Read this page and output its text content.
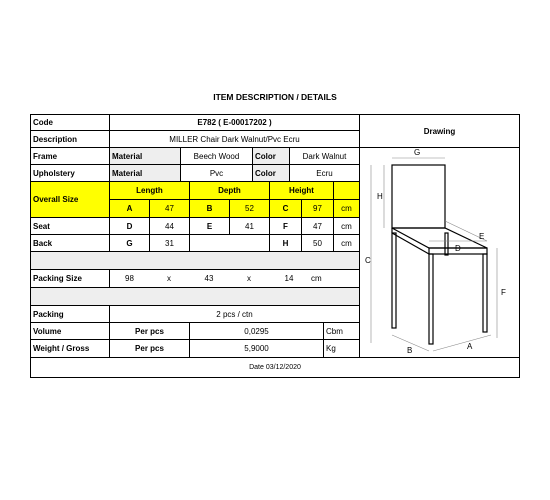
ITEM DESCRIPTION / DETAILS
Code	E782 ( E-00017202 )
Description	MILLER Chair Dark Walnut/Pvc Ecru
Frame	Material	Beech Wood	Color	Dark Walnut
Upholstery	Material	Pvc	Color	Ecru
Overall Size
Length	Depth	Height
A	47	B	52	C	97	cm
Seat	D	44	E	41	F	47	cm
Back	G	31	H	50	cm
Packing Size	98	x	43	x	14	cm
Packing	2 pcs / ctn
Volume	Per pcs	0,0295	Cbm
Weight / Gross	Per pcs	5,9000	Kg
Drawing
G
H
C
E
D
F
B	A
Date 03/12/2020
